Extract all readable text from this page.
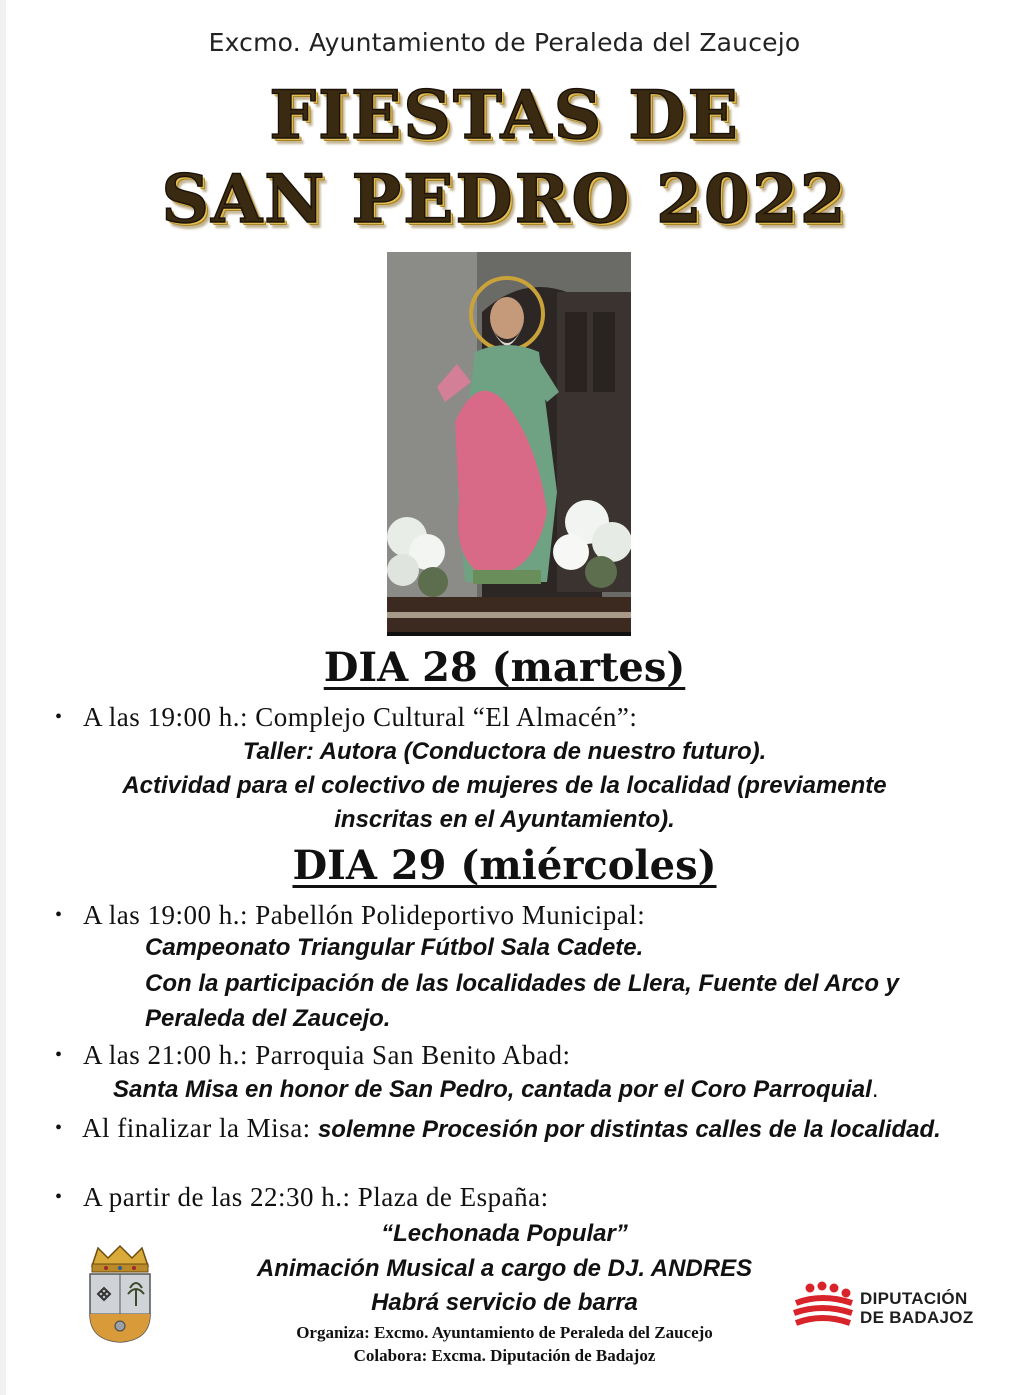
Excmo. Ayuntamiento de Peraleda del Zaucejo
FIESTAS DE
SAN PEDRO 2022
DIA 28 (martes)
• A las 19:00 h.: Complejo Cultural “El Almacén”:
Taller: Autora (Conductora de nuestro futuro).
Actividad para el colectivo de mujeres de la localidad (previamente
inscritas en el Ayuntamiento).
DIA 29 (miércoles)
• A las 19:00 h.: Pabellón Polideportivo Municipal:
Campeonato Triangular Fútbol Sala Cadete.
Con la participación de las localidades de Llera, Fuente del Arco y
Peraleda del Zaucejo.
• A las 21:00 h.: Parroquia San Benito Abad:
Santa Misa en honor de San Pedro, cantada por el Coro Parroquial.
• Al finalizar la Misa: solemne Procesión por distintas calles de la localidad.
• A partir de las 22:30 h.: Plaza de España:
“Lechonada Popular”
Animación Musical a cargo de DJ. ANDRES
Habrá servicio de barra
Organiza: Excmo. Ayuntamiento de Peraleda del Zaucejo
Colabora: Excma. Diputación de Badajoz
DIPUTACIÓN
DE BADAJOZ
